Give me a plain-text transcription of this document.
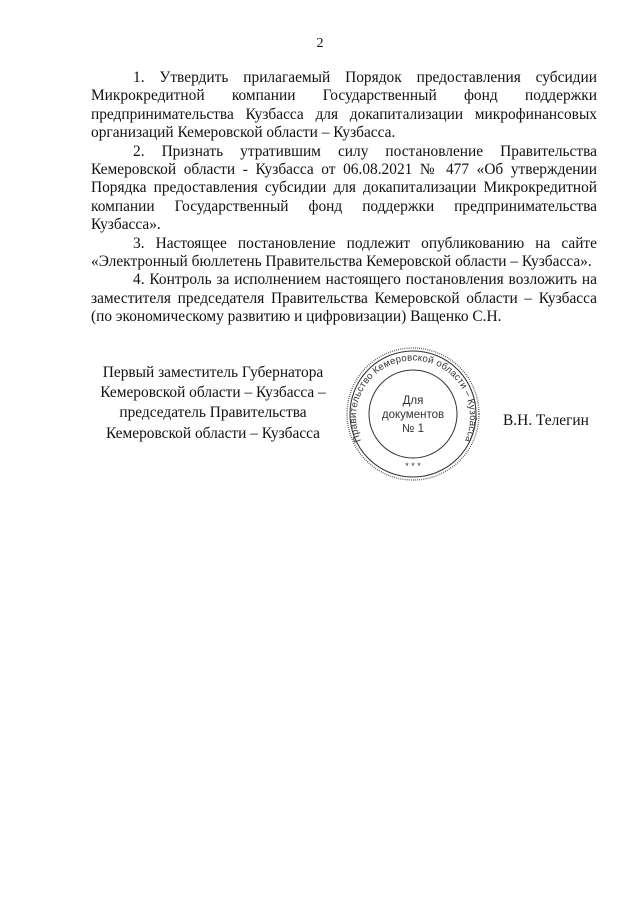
2

1. Утвердить прилагаемый Порядок предоставления субсидии Микрокредитной компании Государственный фонд поддержки предпринимательства Кузбасса для докапитализации микрофинансовых организаций Кемеровской области – Кузбасса.

2. Признать утратившим силу постановление Правительства Кемеровской области - Кузбасса от 06.08.2021 № 477 «Об утверждении Порядка предоставления субсидии для докапитализации Микрокредитной компании Государственный фонд поддержки предпринимательства Кузбасса».

3. Настоящее постановление подлежит опубликованию на сайте «Электронный бюллетень Правительства Кемеровской области – Кузбасса».

4. Контроль за исполнением настоящего постановления возложить на заместителя председателя Правительства Кемеровской области – Кузбасса (по экономическому развитию и цифровизации) Ващенко С.Н.

Первый заместитель Губернатора
Кемеровской области – Кузбасса –
председатель Правительства
Кемеровской области – Кузбасса	Правительство Кемеровской области – Кузбасса
* * *
Для
документов
№ 1	В.Н. Телегин
